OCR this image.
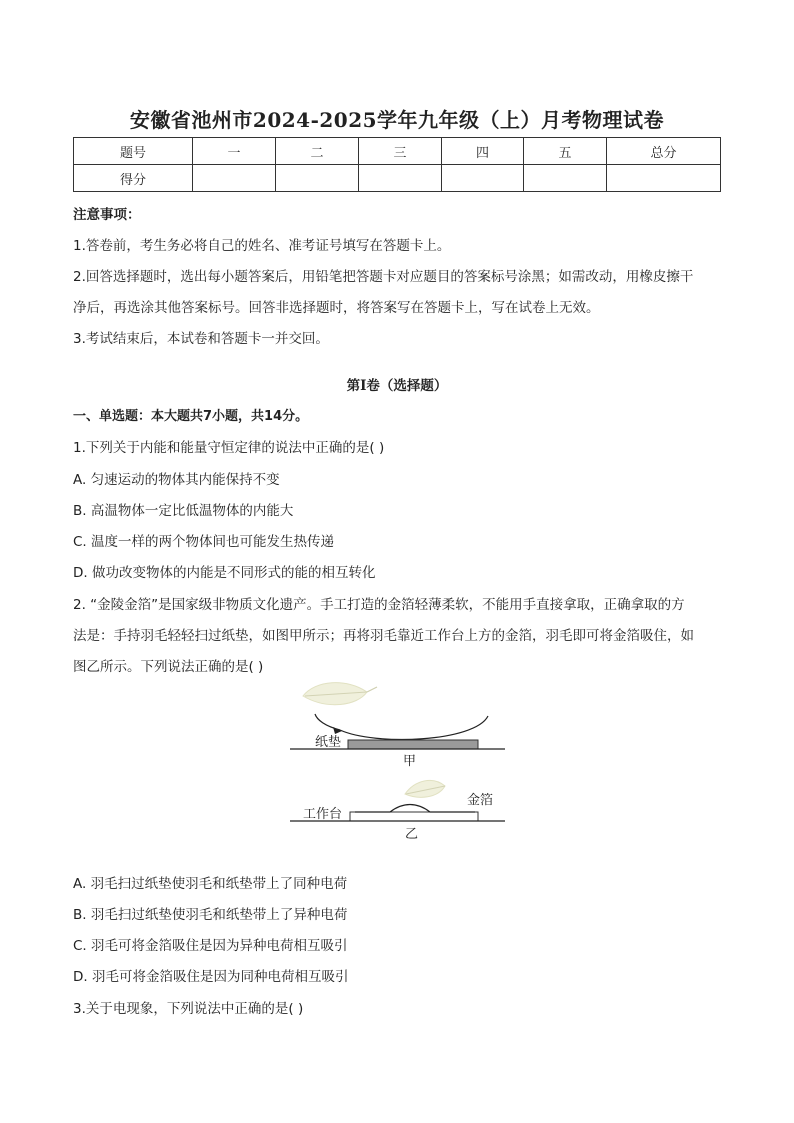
安徽省池州市2024-2025学年九年级（上）月考物理试卷
题号	一	二	三	四	五	总分
得分						
注意事项：
1.答卷前，考生务必将自己的姓名、准考证号填写在答题卡上。
2.回答选择题时，选出每小题答案后，用铅笔把答题卡对应题目的答案标号涂黑；如需改动，用橡皮擦干
净后，再选涂其他答案标号。回答非选择题时，将答案写在答题卡上，写在试卷上无效。
3.考试结束后，本试卷和答题卡一并交回。
第Ⅰ卷（选择题）
一、单选题：本大题共7小题，共14分。
1.下列关于内能和能量守恒定律的说法中正确的是( )
A. 匀速运动的物体其内能保持不变
B. 高温物体一定比低温物体的内能大
C. 温度一样的两个物体间也可能发生热传递
D. 做功改变物体的内能是不同形式的能的相互转化
2. “金陵金箔”是国家级非物质文化遗产。手工打造的金箔轻薄柔软，不能用手直接拿取，正确拿取的方
法是：手持羽毛轻轻扫过纸垫，如图甲所示；再将羽毛靠近工作台上方的金箔，羽毛即可将金箔吸住，如
图乙所示。下列说法正确的是( )
纸垫
甲
工作台
金箔
乙
A. 羽毛扫过纸垫使羽毛和纸垫带上了同种电荷
B. 羽毛扫过纸垫使羽毛和纸垫带上了异种电荷
C. 羽毛可将金箔吸住是因为异种电荷相互吸引
D. 羽毛可将金箔吸住是因为同种电荷相互吸引
3.关于电现象，下列说法中正确的是( )
